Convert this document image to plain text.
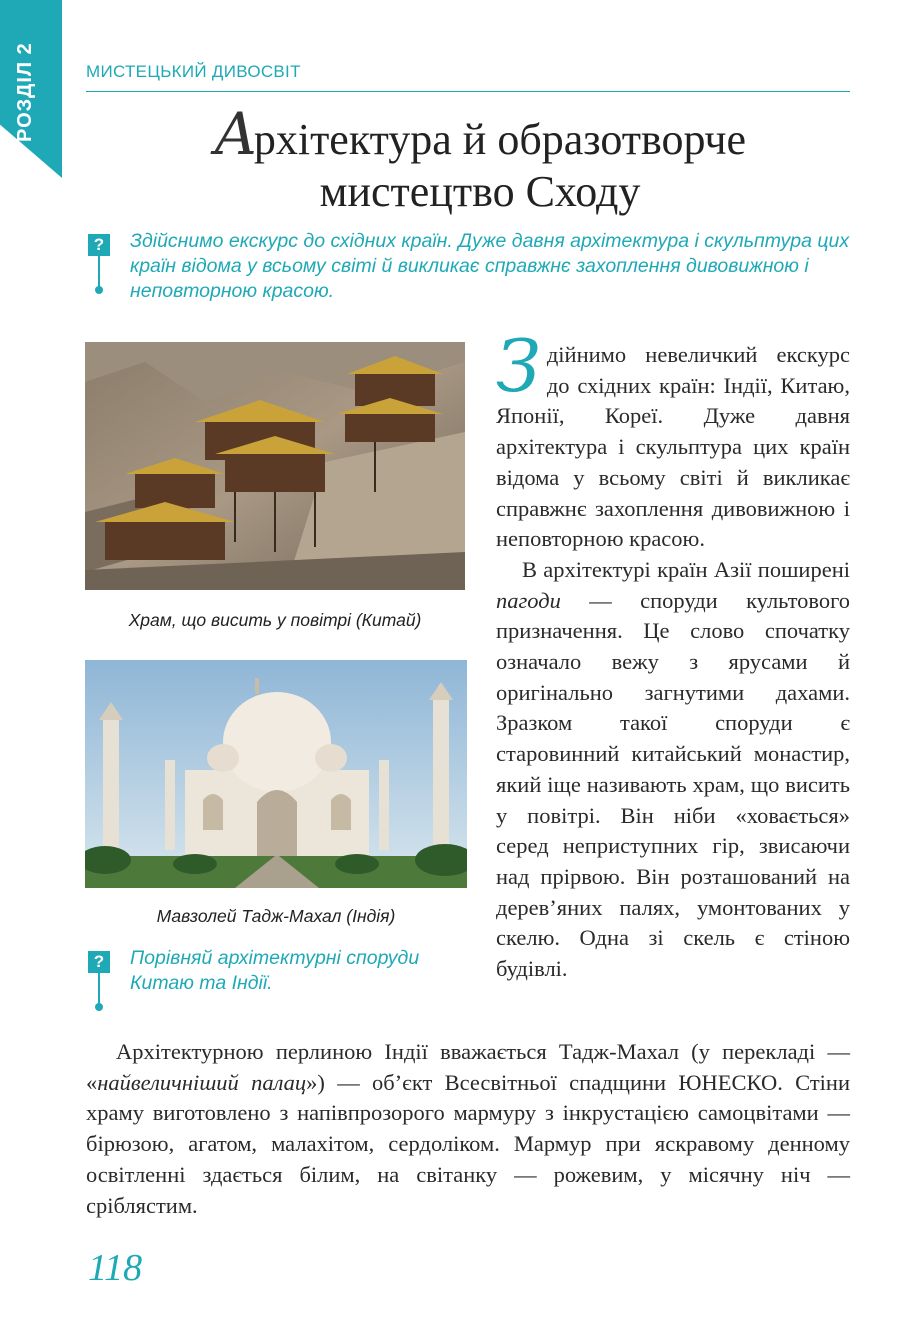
РОЗДІЛ 2	МИСТЕЦЬКИЙ ДИВОСВІТ
Архітектура й образотворче
мистецтво Сходу
? Здійснимо екскурс до східних країн. Дуже давня архітектура і скульптура цих країн відома у всьому світі й викликає справжнє захоплення дивовижною і неповторною красою.
Храм, що висить у повітрі (Китай)
Мавзолей Тадж-Махал (Індія)
? Порівняй архітектурні споруди Китаю та Індії.

Здійнимо невеличкий екскурс до східних країн: Індії, Китаю, Японії, Кореї. Дуже давня архітектура і скульптура цих країн відома у всьому світі й викликає справжнє захоплення дивовижною і неповторною красою.

В архітектурі країн Азії поширені пагоди — споруди культового призначення. Це слово спочатку означало вежу з ярусами й оригінально загнутими дахами. Зразком такої споруди є старовинний китайський монастир, який іще називають храм, що висить у повітрі. Він ніби «ховається» серед неприступних гір, звисаючи над прірвою. Він розташований на дерев’яних палях, умонтованих у скелю. Одна зі скель є стіною будівлі.

Архітектурною перлиною Індії вважається Тадж-Махал (у перекладі — «найвеличніший палац») — об’єкт Всесвітньої спадщини ЮНЕСКО. Стіни храму виготовлено з напівпрозорого мармуру з інкрустацією самоцвітами — бірюзою, агатом, малахітом, сердоліком. Мармур при яскравому денному освітленні здається білим, на світанку — рожевим, у місячну ніч — сріблястим.

118
